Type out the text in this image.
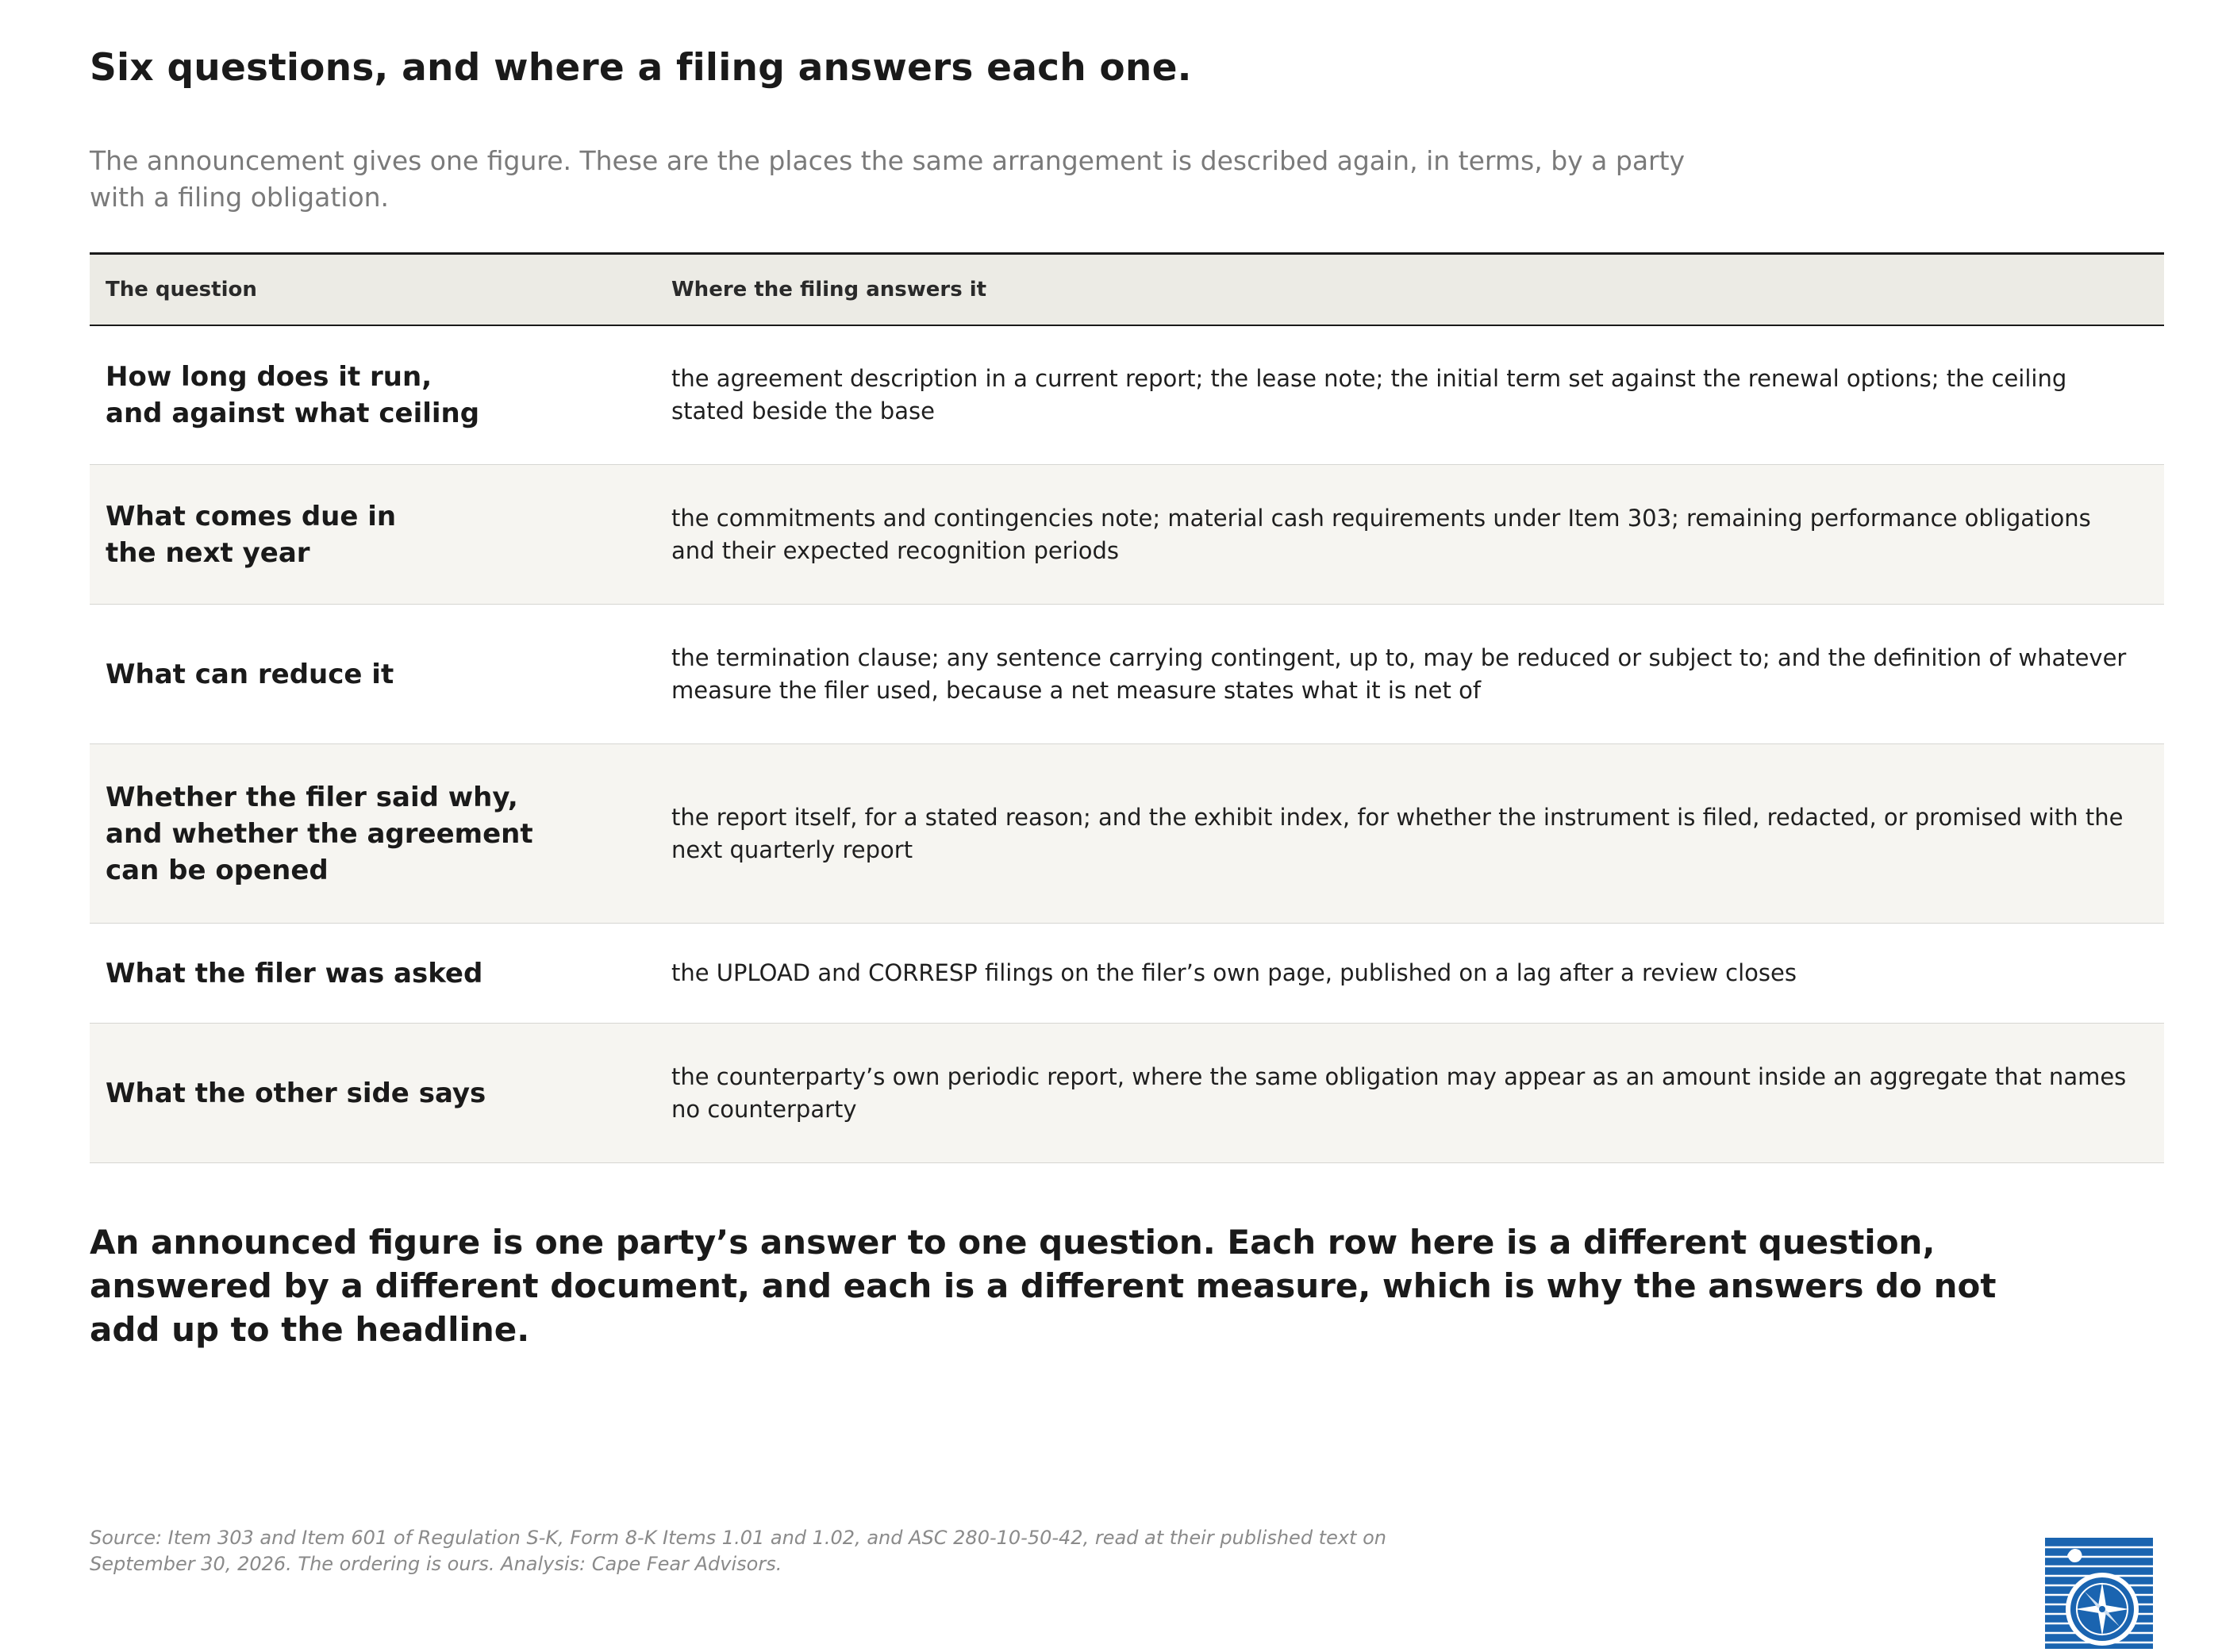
Six questions, and where a filing answers each one.

The announcement gives one figure. These are the places the same arrangement is described again, in terms, by a party with a filing obligation.

The question	Where the filing answers it
How long does it run,
and against what ceiling
the agreement description in a current report; the lease note; the initial term set against the renewal options; the ceiling stated beside the base
What comes due in
the next year
the commitments and contingencies note; material cash requirements under Item 303; remaining performance obligations and their expected recognition periods
What can reduce it
the termination clause; any sentence carrying contingent, up to, may be reduced or subject to; and the definition of whatever measure the filer used, because a net measure states what it is net of
Whether the filer said why,
and whether the agreement
can be opened
the report itself, for a stated reason; and the exhibit index, for whether the instrument is filed, redacted, or promised with the next quarterly report
What the filer was asked	the UPLOAD and CORRESP filings on the filer’s own page, published on a lag after a review closes
What the other side says
the counterparty’s own periodic report, where the same obligation may appear as an amount inside an aggregate that names no counterparty

An announced figure is one party’s answer to one question. Each row here is a different question, answered by a different document, and each is a different measure, which is why the answers do not add up to the headline.

Source: Item 303 and Item 601 of Regulation S-K, Form 8-K Items 1.01 and 1.02, and ASC 280-10-50-42, read at their published text on September 30, 2026. The ordering is ours. Analysis: Cape Fear Advisors.
